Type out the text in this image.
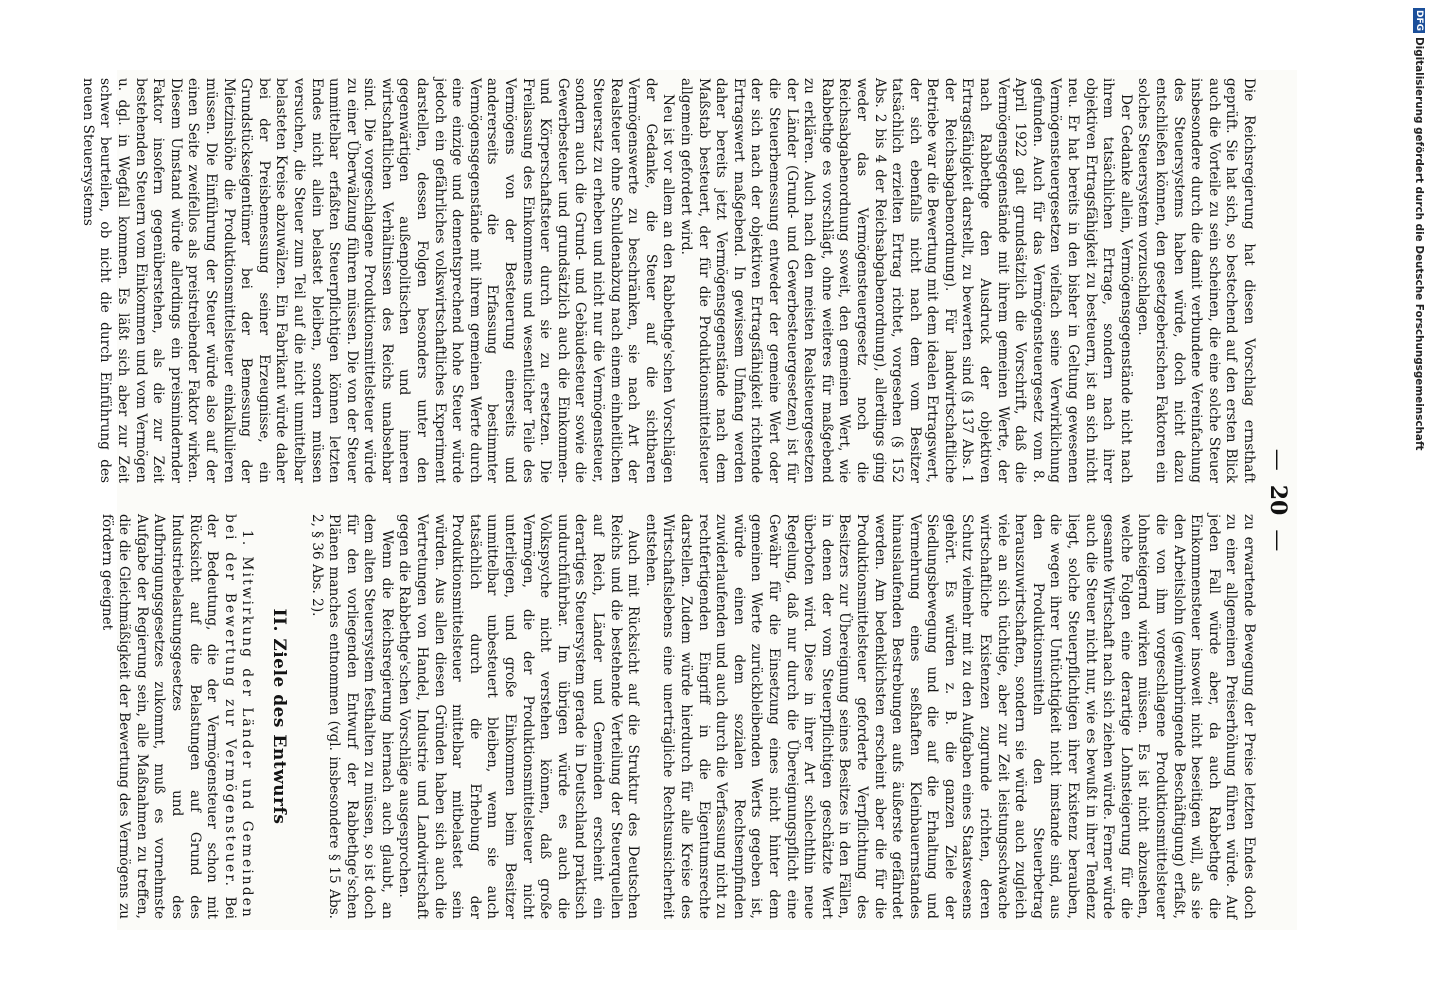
—20—

Die Reichsregierung hat diesen Vorschlag ernsthaft geprüft. Sie hat sich, so bestechend auf den ersten Blick auch die Vorteile zu sein scheinen, die eine solche Steuer insbesondere durch die damit verbundene Vereinfachung des Steuersystems haben würde, doch nicht dazu entschließen können, den gesetzgeberischen Faktoren ein solches Steuersystem vorzuschlagen.

Der Gedanke allein, Vermögensgegenstände nicht nach ihrem tatsächlichen Ertrage, sondern nach ihrer objektiven Ertragsfähigkeit zu besteuern, ist an sich nicht neu. Er hat bereits in den bisher in Geltung gewesenen Vermögensteuergesetzen vielfach seine Verwirklichung gefunden. Auch für das Vermögensteuergesetz vom 8. April 1922 galt grundsätzlich die Vorschrift, daß die Vermögensgegenstände mit ihrem gemeinen Werte, der nach Rabbethge den Ausdruck der objektiven Ertragsfähigkeit darstellt, zu bewerten sind (§ 137 Abs. 1 der Reichsabgabenordnung). Für landwirtschaftliche Betriebe war die Bewertung mit dem idealen Ertragswert, der sich ebenfalls nicht nach dem vom Besitzer tatsächlich erzielten Ertrag richtet, vorgesehen (§ 152 Abs. 2 bis 4 der Reichsabgabenordnung), allerdings ging weder das Vermögensteuergesetz noch die Reichsabgabenordnung soweit, den gemeinen Wert, wie Rabbethge es vorschlägt, ohne weiteres für maßgebend zu erklären. Auch nach den meisten Realsteuergesetzen der Länder (Grund- und Gewerbesteuergesetzen) ist für die Steuerbemessung entweder der gemeine Wert oder der sich nach der objektiven Ertragsfähigkeit richtende Ertragswert maßgebend. In gewissem Umfang werden daher bereits jetzt Vermögensgegenstände nach dem Maßstab besteuert, der für die Produktionsmittelsteuer allgemein gefordert wird.

Neu ist vor allem an den Rabbethge'schen Vorschlägen der Gedanke, die Steuer auf die sichtbaren Vermögenswerte zu beschränken, sie nach Art der Realsteuer ohne Schuldenabzug nach einem einheitlichen Steuersatz zu erheben und nicht nur die Vermögensteuer, sondern auch die Grund- und Gebäudesteuer sowie die Gewerbesteuer und grundsätzlich auch die Einkommen- und Körperschaftsteuer durch sie zu ersetzen. Die Freilassung des Einkommens und wesentlicher Teile des Vermögens von der Besteuerung einerseits und andererseits die Erfassung bestimmter Vermögensgegenstände mit ihrem gemeinen Werte durch eine einzige und dementsprechend hohe Steuer würde jedoch ein gefährliches volkswirtschaftliches Experiment darstellen, dessen Folgen besonders unter den gegenwärtigen außenpolitischen und inneren wirtschaftlichen Verhältnissen des Reichs unabsehbar sind. Die vorgeschlagene Produktionsmittelsteuer würde zu einer Überwälzung führen müssen. Die von der Steuer unmittelbar erfaßten Steuerpflichtigen können letzten Endes nicht allein belastet bleiben, sondern müssen versuchen, die Steuer zum Teil auf die nicht unmittelbar belasteten Kreise abzuwälzen. Ein Fabrikant würde daher bei der Preisbemessung seiner Erzeugnisse, ein Grundstückseigentümer bei der Bemessung der Mietzinshöhe die Produktionsmittelsteuer einkalkulieren müssen. Die Einführung der Steuer würde also auf der einen Seite zweifellos als preistreibender Faktor wirken. Diesem Umstand würde allerdings ein preismindernder Faktor insofern gegenüberstehen, als die zur Zeit bestehenden Steuern vom Einkommen und vom Vermögen u. dgl. in Wegfall kommen. Es läßt sich aber zur Zeit schwer beurteilen, ob nicht die durch Einführung des neuen Steuersystems

zu erwartende Bewegung der Preise letzten Endes doch zu einer allgemeinen Preiserhöhung führen würde. Auf jeden Fall würde aber, da auch Rabbethge die Einkommensteuer insoweit nicht beseitigen will, als sie den Arbeitslohn (gewinnbringende Beschäftigung) erfaßt, die von ihm vorgeschlagene Produktionsmittelsteuer lohnsteigernd wirken müssen. Es ist nicht abzusehen, welche Folgen eine derartige Lohnsteigerung für die gesamte Wirtschaft nach sich ziehen würde. Ferner würde auch die Steuer nicht nur, wie es bewußt in ihrer Tendenz liegt, solche Steuerpflichtigen ihrer Existenz berauben, die wegen ihrer Untüchtigkeit nicht imstande sind, aus den Produktionsmitteln den Steuerbetrag herauszuwirtschaften, sondern sie würde auch zugleich viele an sich tüchtige, aber zur Zeit leistungsschwache wirtschaftliche Existenzen zugrunde richten, deren Schutz vielmehr mit zu den Aufgaben eines Staatswesens gehört. Es würden z. B. die ganzen Ziele der Siedlungsbewegung und die auf die Erhaltung und Vermehrung eines seßhaften Kleinbauernstandes hinauslaufenden Bestrebungen aufs äußerste gefährdet werden. Am bedenklichsten erscheint aber die für die Produktionsmittelsteuer geforderte Verpflichtung des Besitzers zur Übereignung seines Besitzes in den Fällen, in denen der vom Steuerpflichtigen geschätzte Wert überboten wird. Diese in ihrer Art schlechthin neue Regelung, daß nur durch die Übereignungspflicht eine Gewähr für die Einsetzung eines nicht hinter dem gemeinen Werte zurückbleibenden Werts gegeben ist, würde einen dem sozialen Rechtsempfinden zuwiderlaufenden und auch durch die Verfassung nicht zu rechtfertigenden Eingriff in die Eigentumsrechte darstellen. Zudem würde hierdurch für alle Kreise des Wirtschaftslebens eine unerträgliche Rechtsunsicherheit entstehen.

Auch mit Rücksicht auf die Struktur des Deutschen Reichs und die bestehende Verteilung der Steuerquellen auf Reich, Länder und Gemeinden erscheint ein derartiges Steuersystem gerade in Deutschland praktisch undurchführbar. Im übrigen würde es auch die Volkspsyche nicht verstehen können, daß große Vermögen, die der Produktionsmittelsteuer nicht unterliegen, und große Einkommen beim Besitzer unmittelbar unbesteuert bleiben, wenn sie auch tatsächlich durch die Erhebung der Produktionsmittelsteuer mittelbar mitbelastet sein würden. Aus allen diesen Gründen haben sich auch die Vertretungen von Handel, Industrie und Landwirtschaft gegen die Rabbethge'schen Vorschläge ausgesprochen.

Wenn die Reichsregierung hiernach auch glaubt, an dem alten Steuersystem festhalten zu müssen, so ist doch für den vorliegenden Entwurf der Rabbethge'schen Plänen manches entnommen (vgl. insbesondere § 15 Abs. 2, § 36 Abs. 2).

II. Ziele des Entwurfs

1. Mitwirkung der Länder und Gemeinden bei der Bewertung zur Vermögensteuer. Bei der Bedeutung, die der Vermögensteuer schon mit Rücksicht auf die Belastungen auf Grund des Industriebelastungsgesetzes und des Aufbringungsgesetzes zukommt, muß es vornehmste Aufgabe der Regierung sein, alle Maßnahmen zu treffen, die die Gleichmäßigkeit der Bewertung des Vermögens zu fördern geeignet

DFG
Digitalisierung gefördert durch die Deutsche Forschungsgemeinschaft
